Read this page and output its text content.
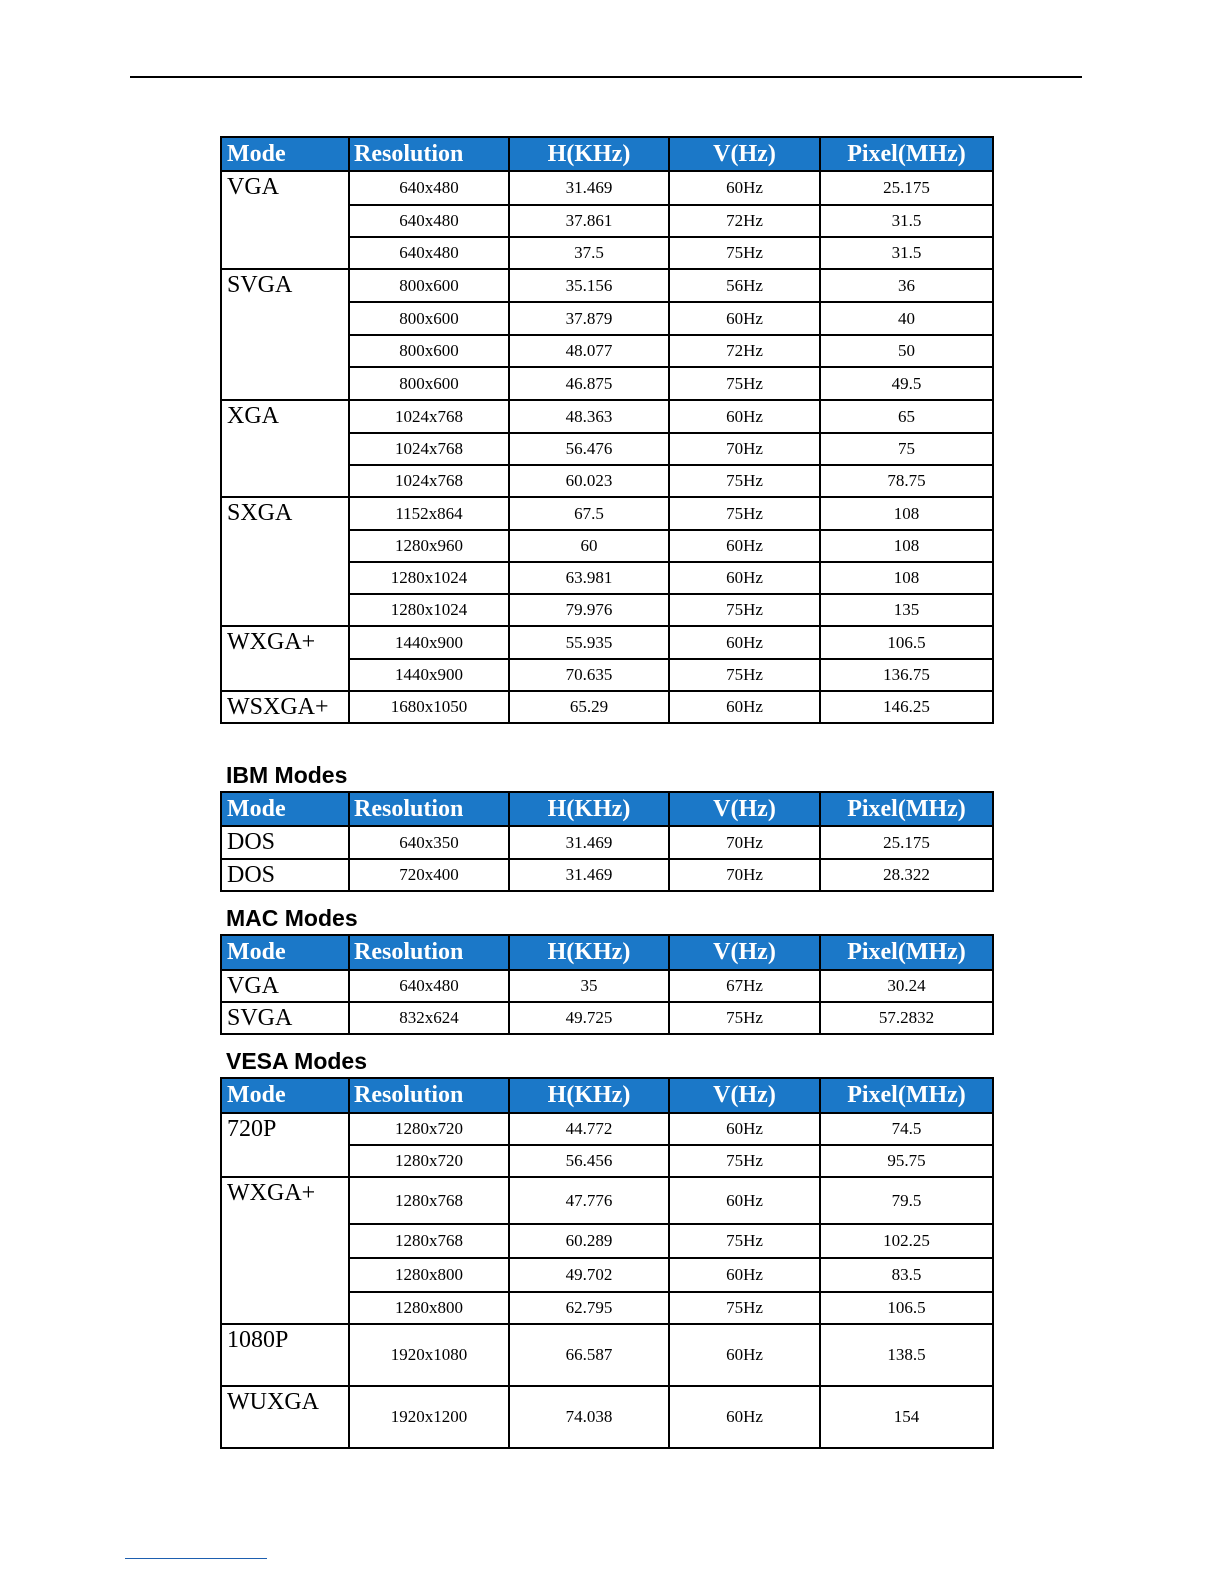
Mode	Resolution	H(KHz)	V(Hz)	Pixel(MHz)
VGA	640x480	31.469	60Hz	25.175
	640x480	37.861	72Hz	31.5
	640x480	37.5	75Hz	31.5
SVGA	800x600	35.156	56Hz	36
	800x600	37.879	60Hz	40
	800x600	48.077	72Hz	50
	800x600	46.875	75Hz	49.5
XGA	1024x768	48.363	60Hz	65
	1024x768	56.476	70Hz	75
	1024x768	60.023	75Hz	78.75
SXGA	1152x864	67.5	75Hz	108
	1280x960	60	60Hz	108
	1280x1024	63.981	60Hz	108
	1280x1024	79.976	75Hz	135
WXGA+	1440x900	55.935	60Hz	106.5
	1440x900	70.635	75Hz	136.75
WSXGA+	1680x1050	65.29	60Hz	146.25
IBM Modes
Mode	Resolution	H(KHz)	V(Hz)	Pixel(MHz)
DOS	640x350	31.469	70Hz	25.175
DOS	720x400	31.469	70Hz	28.322
MAC Modes
Mode	Resolution	H(KHz)	V(Hz)	Pixel(MHz)
VGA	640x480	35	67Hz	30.24
SVGA	832x624	49.725	75Hz	57.2832
VESA Modes
Mode	Resolution	H(KHz)	V(Hz)	Pixel(MHz)
720P	1280x720	44.772	60Hz	74.5
	1280x720	56.456	75Hz	95.75
WXGA+	1280x768	47.776	60Hz	79.5
	1280x768	60.289	75Hz	102.25
	1280x800	49.702	60Hz	83.5
	1280x800	62.795	75Hz	106.5
1080P	1920x1080	66.587	60Hz	138.5
WUXGA	1920x1200	74.038	60Hz	154
